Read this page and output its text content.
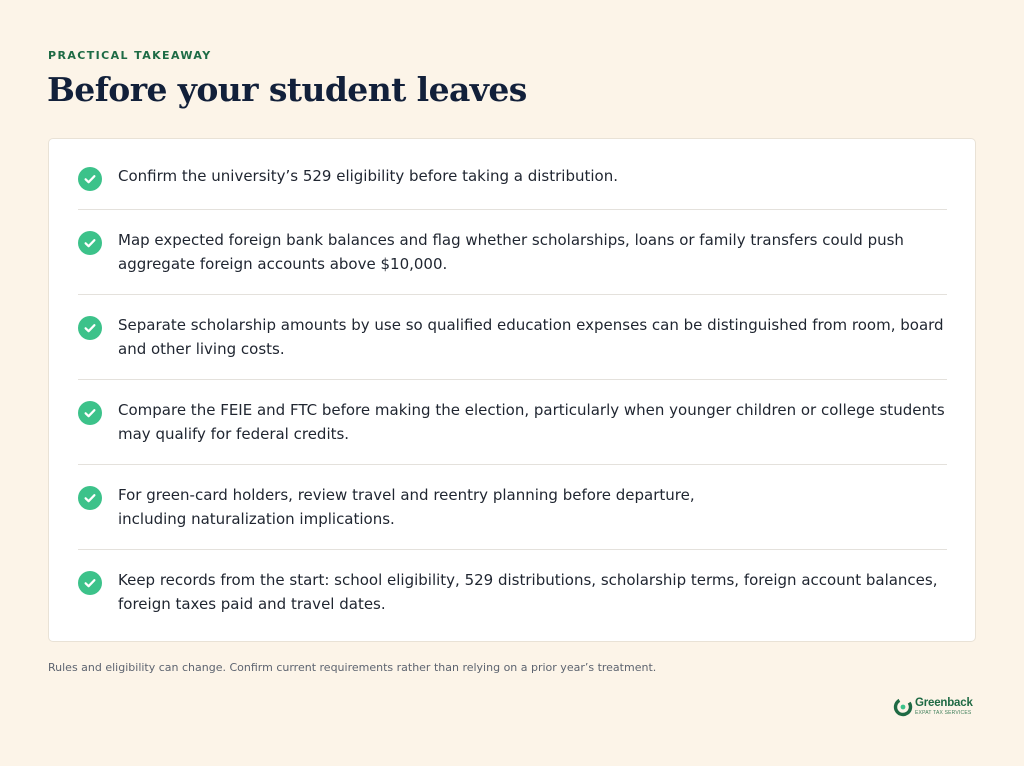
PRACTICAL TAKEAWAY
Before your student leaves
Confirm the university’s 529 eligibility before taking a distribution.
Map expected foreign bank balances and flag whether scholarships, loans or family transfers could push aggregate foreign accounts above $10,000.
Separate scholarship amounts by use so qualified education expenses can be distinguished from room, board and other living costs.
Compare the FEIE and FTC before making the election, particularly when younger children or college students may qualify for federal credits.
For green-card holders, review travel and reentry planning before departure, including naturalization implications.
Keep records from the start: school eligibility, 529 distributions, scholarship terms, foreign account balances, foreign taxes paid and travel dates.

Rules and eligibility can change. Confirm current requirements rather than relying on a prior year’s treatment.

Greenback
EXPAT TAX SERVICES
